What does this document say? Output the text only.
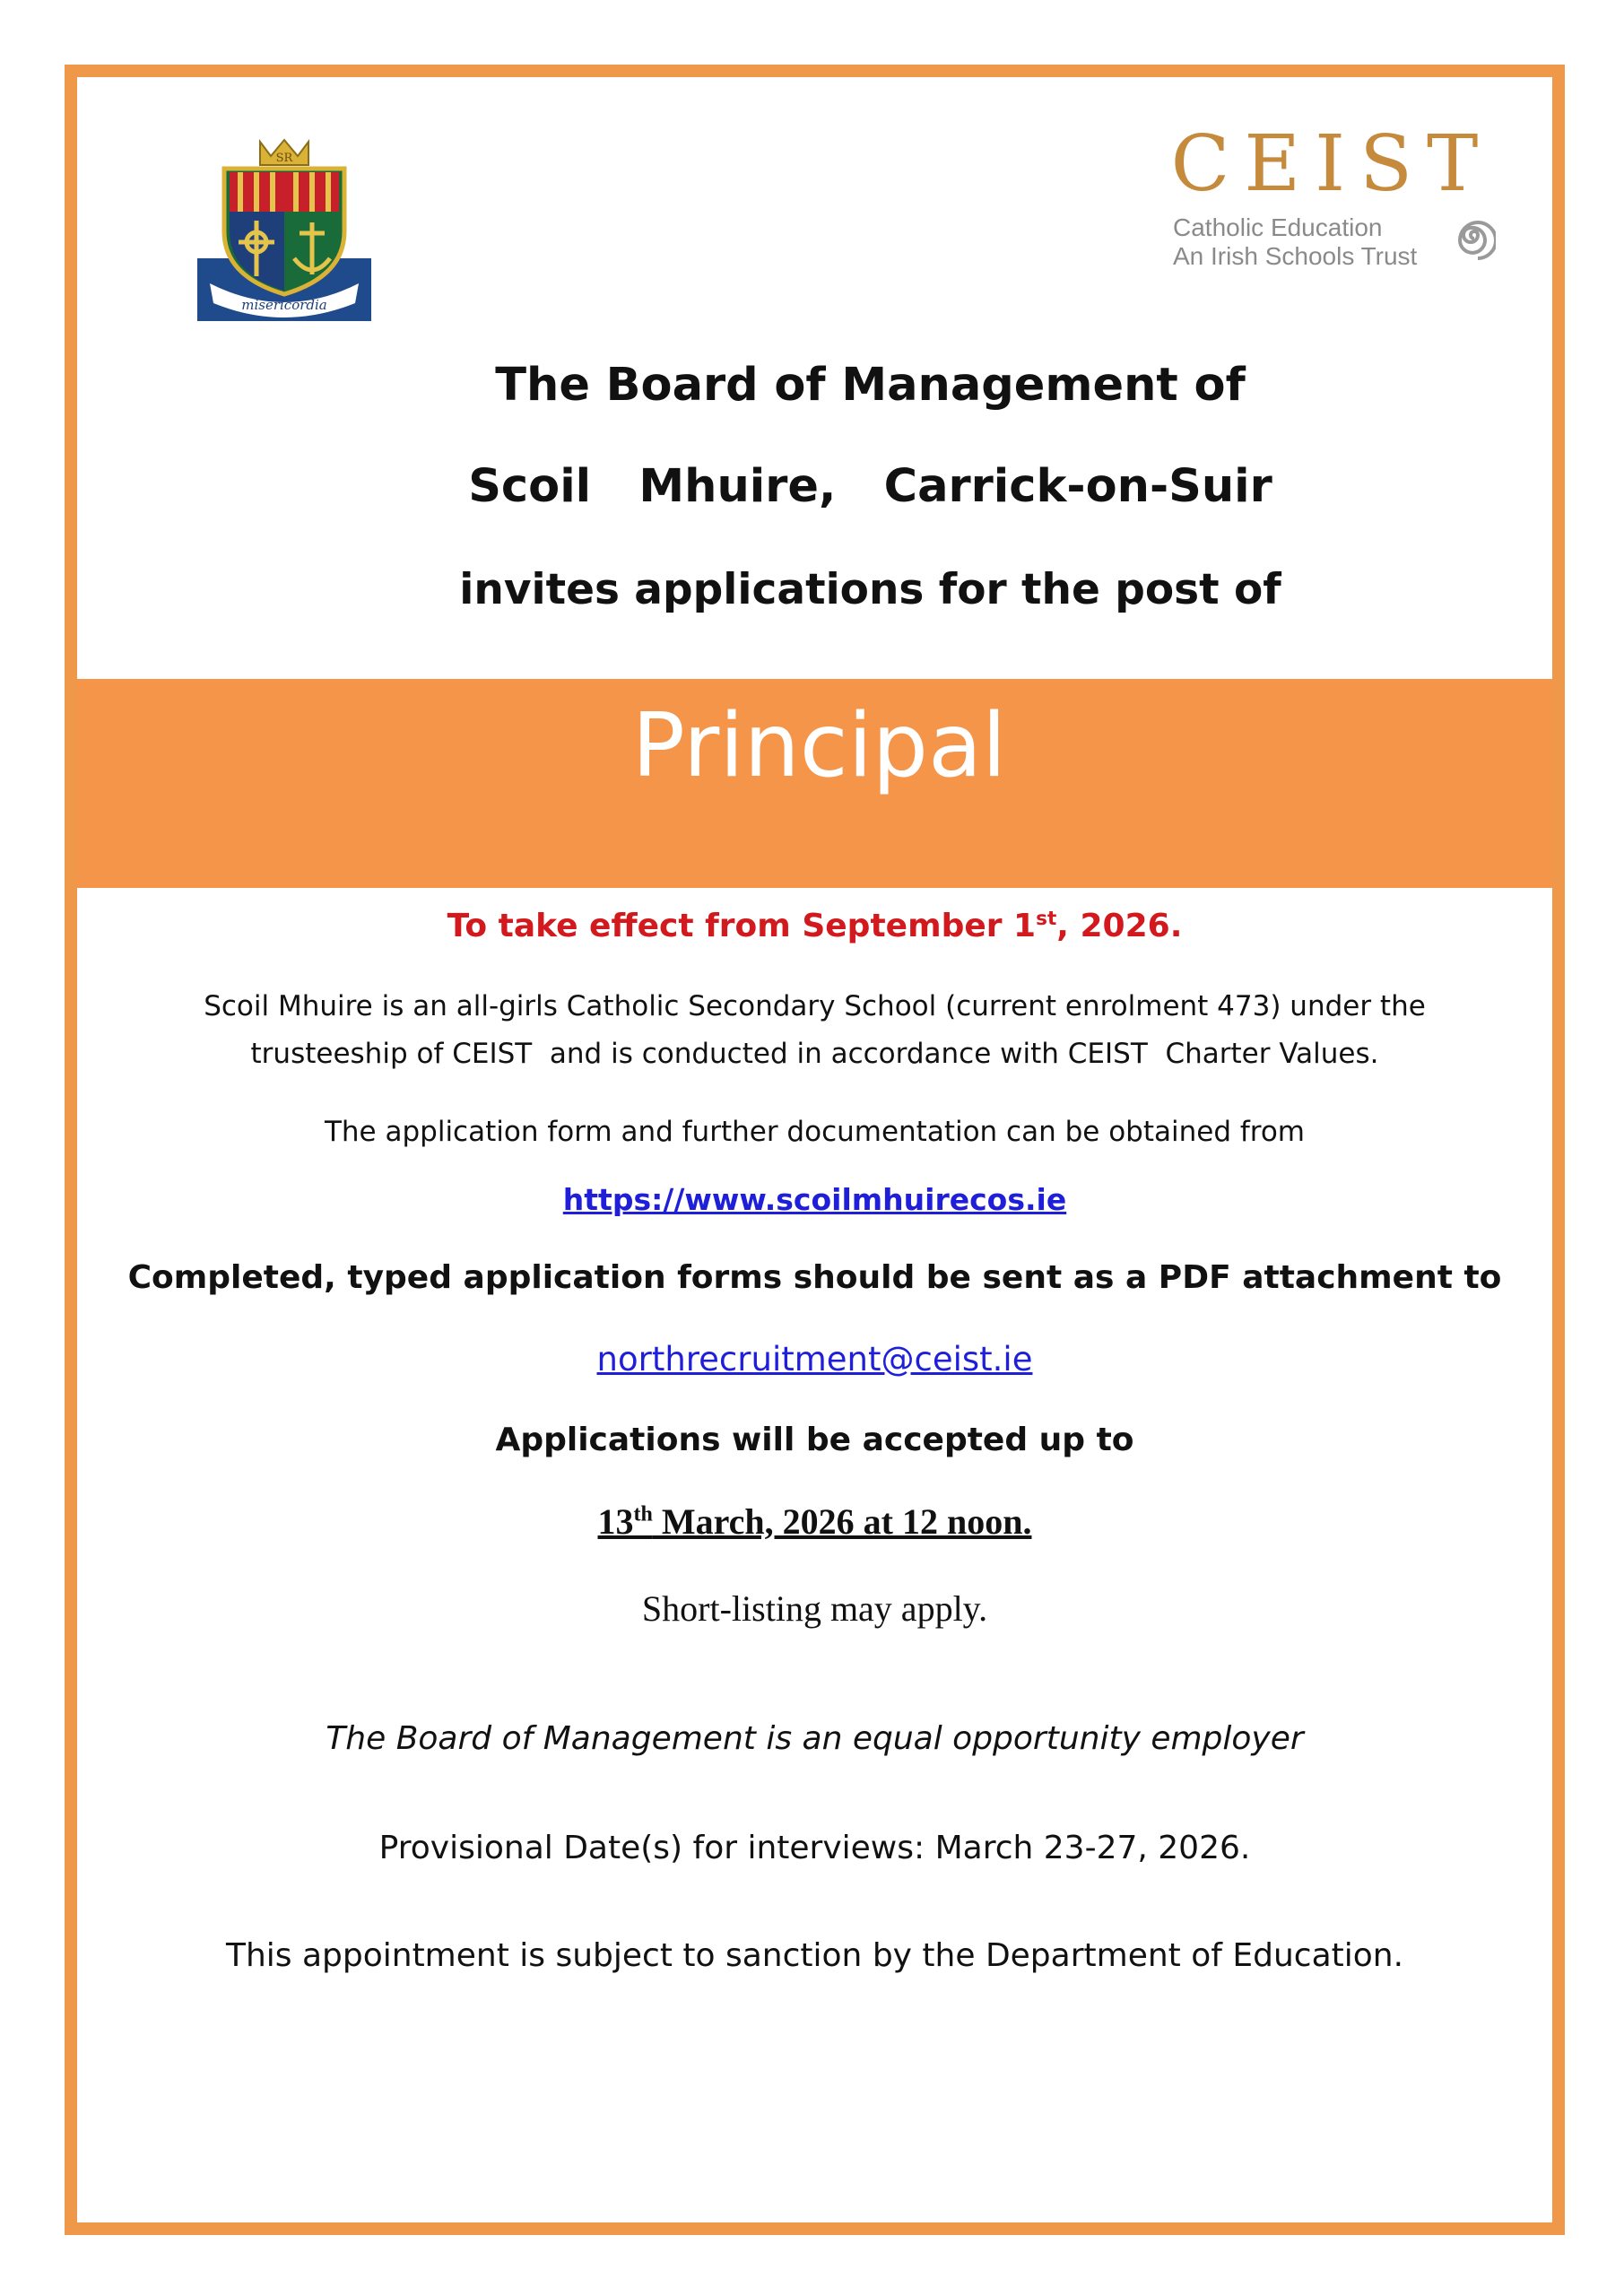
misericordia
SR	CEIST
Catholic Education
An Irish Schools Trust
The Board of Management of
Scoil   Mhuire,   Carrick-on-Suir
invites applications for the post of
Principal
To take effect from September 1st, 2026.
Scoil Mhuire is an all-girls Catholic Secondary School (current enrolment 473) under the
trusteeship of CEIST  and is conducted in accordance with CEIST  Charter Values.
The application form and further documentation can be obtained from
https://www.scoilmhuirecos.ie
Completed, typed application forms should be sent as a PDF attachment to
northrecruitment@ceist.ie
Applications will be accepted up to
13th March, 2026 at 12 noon.
Short-listing may apply.
The Board of Management is an equal opportunity employer
Provisional Date(s) for interviews: March 23-27, 2026.
This appointment is subject to sanction by the Department of Education.
